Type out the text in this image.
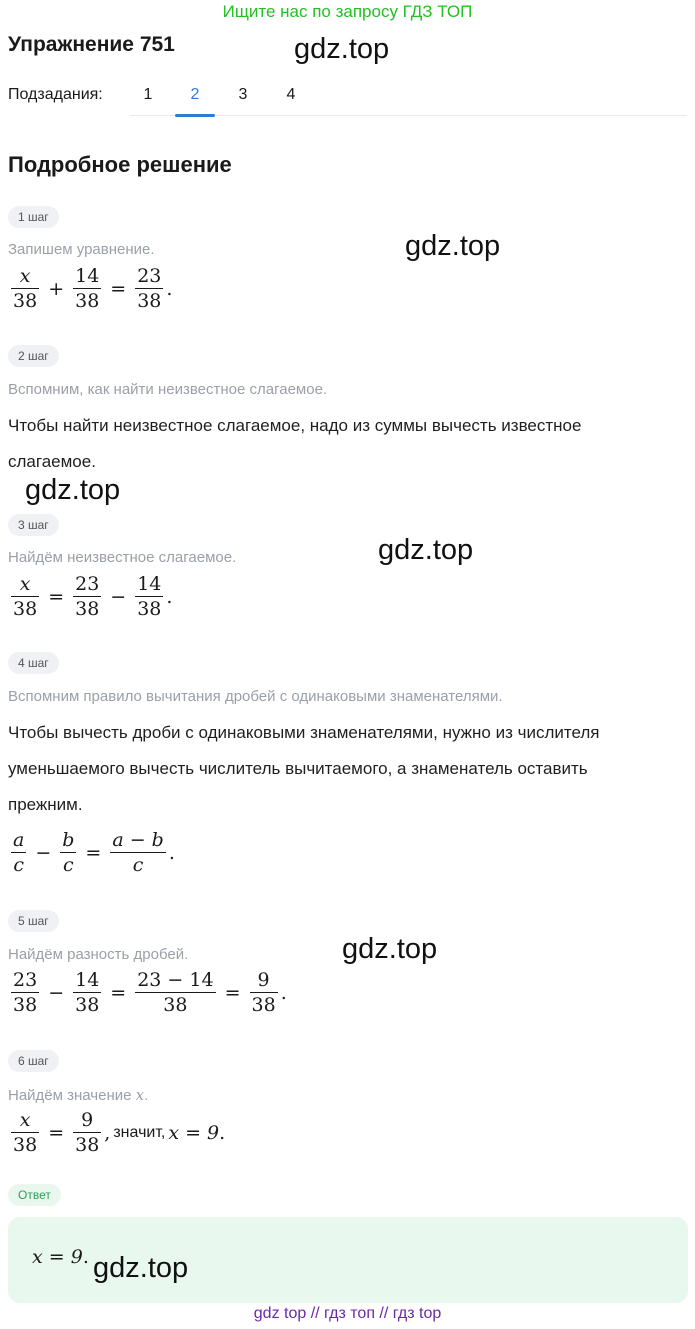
Ищите нас по запросу ГДЗ ТОП
Упражнение 751	gdz.top
Подзадания:	1	2	3	4
Подробное решение
1 шаг
Запишем уравнение.	gdz.top
$\frac{x}{38} + \frac{14}{38} = \frac{23}{38}$ .
2 шаг
Вспомним, как найти неизвестное слагаемое.
Чтобы найти неизвестное слагаемое, надо из суммы вычесть известное
слагаемое.
gdz.top
3 шаг
Найдём неизвестное слагаемое.	gdz.top
$\frac{x}{38} = \frac{23}{38} - \frac{14}{38}$ .
4 шаг
Вспомним правило вычитания дробей с одинаковыми знаменателями.
Чтобы вычесть дроби с одинаковыми знаменателями, нужно из числителя
уменьшаемого вычесть числитель вычитаемого, а знаменатель оставить
прежним.
$\frac{a}{c} - \frac{b}{c} = \frac{a - b}{c}$ .
5 шаг
Найдём разность дробей.	gdz.top
$\frac{23}{38} - \frac{14}{38} = \frac{23 - 14}{38} = \frac{9}{38}$ .
6 шаг
Найдём значение x.
$\frac{x}{38} = \frac{9}{38}$ , значит, x = 9 .
Ответ
x = 9 . gdz.top
gdz top // гдз топ // гдз top
